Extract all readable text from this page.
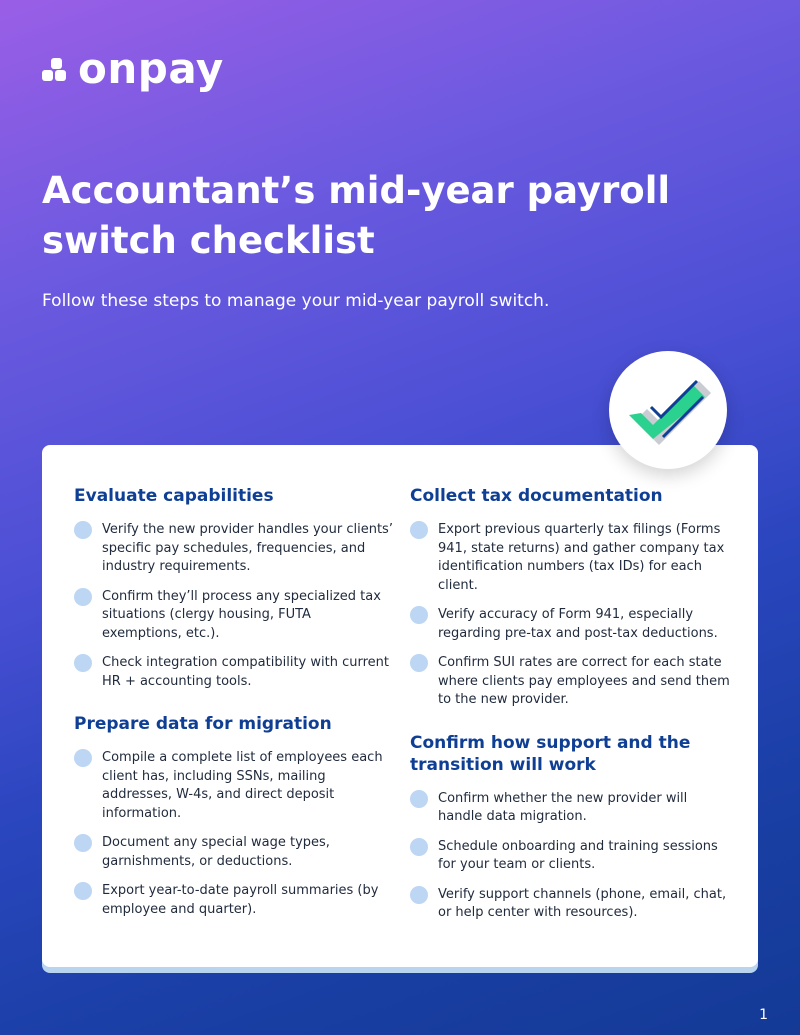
onpay
Accountant’s mid-year payroll switch checklist

Follow these steps to manage your mid-year payroll switch.

Evaluate capabilities
Verify the new provider handles your clients’ specific pay schedules, frequencies, and industry requirements.
Confirm they’ll process any specialized tax situations (clergy housing, FUTA exemptions, etc.).
Check integration compatibility with current HR + accounting tools.
Prepare data for migration
Compile a complete list of employees each client has, including SSNs, mailing addresses, W-4s, and direct deposit information.
Document any special wage types, garnishments, or deductions.
Export year-to-date payroll summaries (by employee and quarter).
Collect tax documentation
Export previous quarterly tax filings (Forms 941, state returns) and gather company tax identification numbers (tax IDs) for each client.
Verify accuracy of Form 941, especially regarding pre-tax and post-tax deductions.
Confirm SUI rates are correct for each state where clients pay employees and send them to the new provider.
Confirm how support and the transition will work
Confirm whether the new provider will handle data migration.
Schedule onboarding and training sessions for your team or clients.
Verify support channels (phone, email, chat, or help center with resources).
1
